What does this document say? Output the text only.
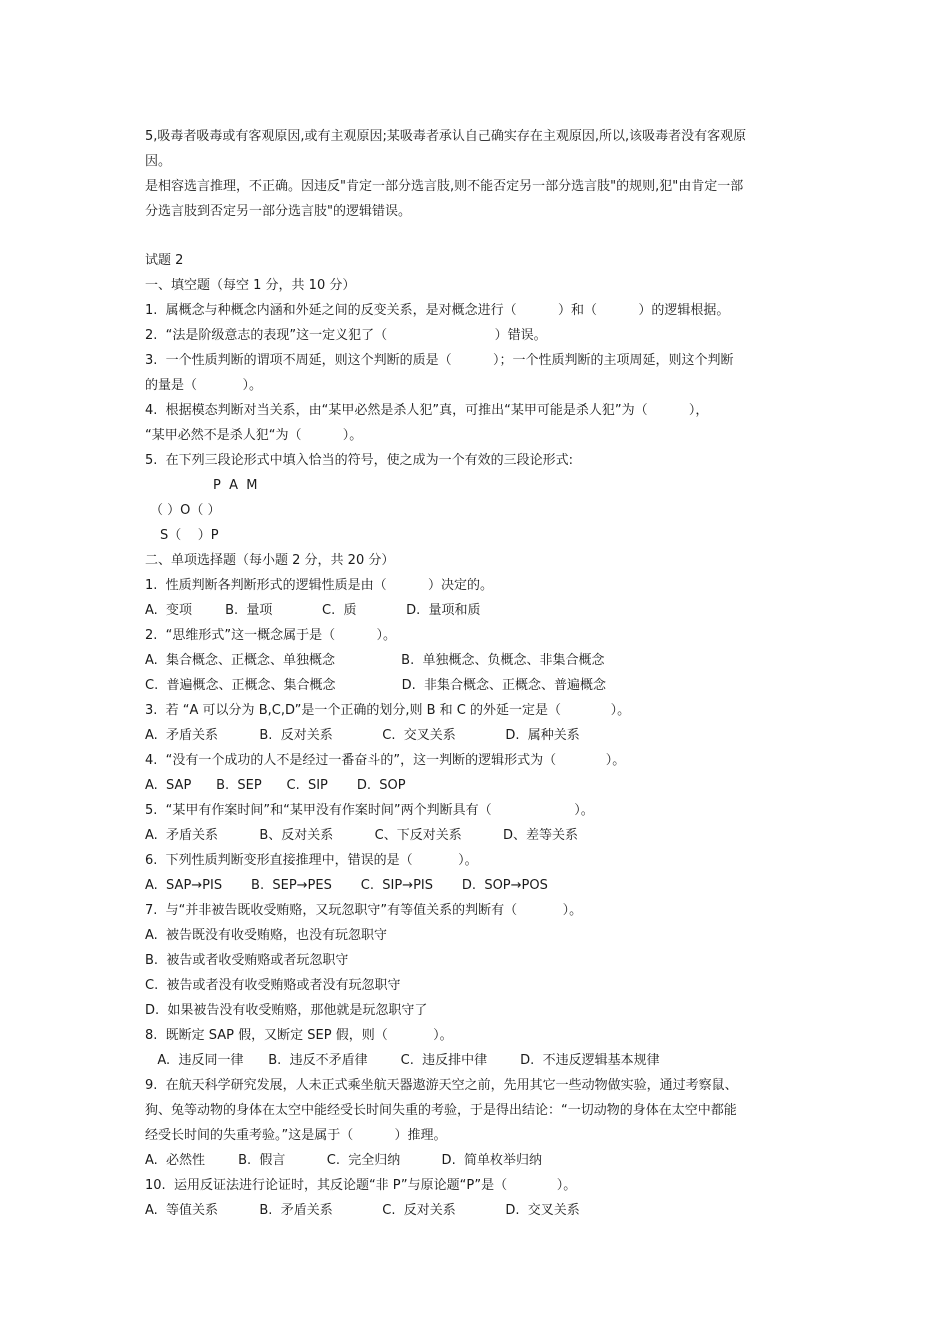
5,吸毒者吸毒或有客观原因,或有主观原因;某吸毒者承认自己确实存在主观原因,所以,该吸毒者没有客观原
因。
是相容选言推理，不正确。因违反"肯定一部分选言肢,则不能否定另一部分选言肢"的规则,犯"由肯定一部
分选言肢到否定另一部分选言肢"的逻辑错误。
试题 2
一、填空题（每空 1 分，共 10 分）
1.  属概念与种概念内涵和外延之间的反变关系，是对概念进行（          ）和（          ）的逻辑根据。
2.  “法是阶级意志的表现”这一定义犯了（                          ）错误。
3.  一个性质判断的谓项不周延，则这个判断的质是（          ）；一个性质判断的主项周延，则这个判断
的量是（           ）。
4.  根据模态判断对当关系，由“某甲必然是杀人犯”真，可推出“某甲可能是杀人犯”为（          ），
“某甲必然不是杀人犯“为（          ）。
5.  在下列三段论形式中填入恰当的符号，使之成为一个有效的三段论形式:
P  A  M
（ ）O（ ）
S（    ）P
二、单项选择题（每小题 2 分，共 20 分）
1.  性质判断各判断形式的逻辑性质是由（          ）决定的。
A.  变项        B.  量项            C.  质            D.  量项和质
2.  “思维形式”这一概念属于是（          ）。
A.  集合概念、正概念、单独概念                B.  单独概念、负概念、非集合概念
C.  普遍概念、正概念、集合概念                D.  非集合概念、正概念、普遍概念
3.  若 “A 可以分为 B,C,D”是一个正确的划分,则 B 和 C 的外延一定是（            ）。
A.  矛盾关系          B.  反对关系            C.  交叉关系            D.  属种关系
4.  “没有一个成功的人不是经过一番奋斗的”，这一判断的逻辑形式为（            ）。
A.  SAP      B.  SEP      C.  SIP       D.  SOP
5.  “某甲有作案时间”和“某甲没有作案时间”两个判断具有（                    ）。
A.  矛盾关系          B、反对关系          C、下反对关系          D、差等关系
6.  下列性质判断变形直接推理中，错误的是（           ）。
A.  SAP→PIS       B.  SEP→PES       C.  SIP→PIS       D.  SOP→POS
7.  与“并非被告既收受贿赂，又玩忽职守”有等值关系的判断有（           ）。
A.  被告既没有收受贿赂，也没有玩忽职守
B.  被告或者收受贿赂或者玩忽职守
C.  被告或者没有收受贿赂或者没有玩忽职守
D.  如果被告没有收受贿赂，那他就是玩忽职守了
8.  既断定 SAP 假，又断定 SEP 假，则（           ）。
A.  违反同一律      B.  违反不矛盾律        C.  违反排中律        D.  不违反逻辑基本规律
9.  在航天科学研究发展，人未正式乘坐航天器遨游天空之前，先用其它一些动物做实验，通过考察鼠、
狗、兔等动物的身体在太空中能经受长时间失重的考验，于是得出结论：“一切动物的身体在太空中都能
经受长时间的失重考验。”这是属于（          ）推理。
A.  必然性        B.  假言          C.  完全归纳          D.  简单枚举归纳
10.  运用反证法进行论证时，其反论题“非 P”与原论题“P”是（            ）。
A.  等值关系          B.  矛盾关系            C.  反对关系            D.  交叉关系
